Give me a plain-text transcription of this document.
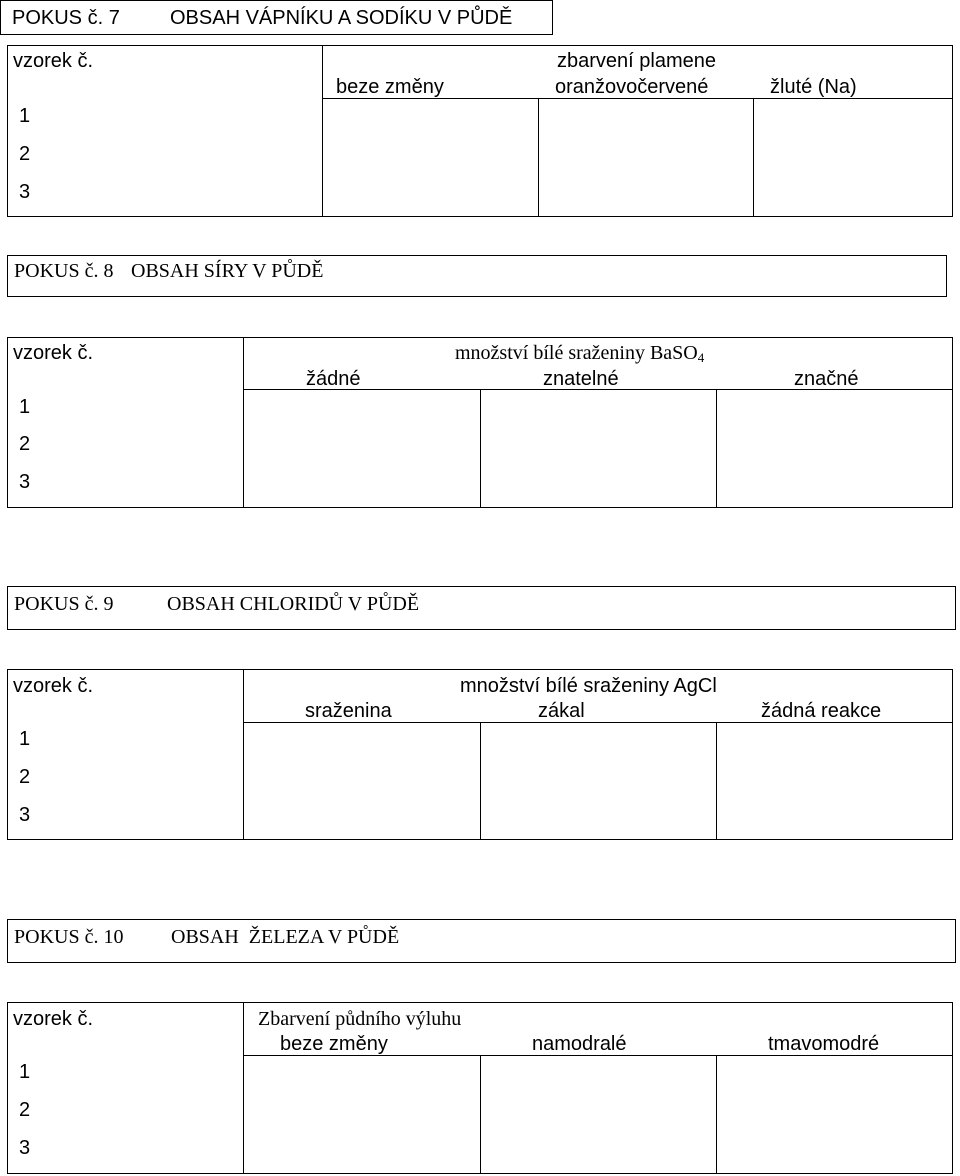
POKUS č. 7	OBSAH VÁPNÍKU A SODÍKU V PŮDĚ
vzorek č.	zbarvení plamene
beze změny	oranžovočervené	žluté (Na)
1
2
3
POKUS č. 8 OBSAH SÍRY V PŮDĚ
vzorek č.	množství bílé sraženiny BaSO$_4$
žádné	znatelné	značné
1
2
3
POKUS č. 9	OBSAH CHLORIDŮ V PŮDĚ
vzorek č.	množství bílé sraženiny AgCl
sraženina	zákal	žádná reakce
1
2
3
POKUS č. 10 OBSAH  ŽELEZA V PŮDĚ
vzorek č.	Zbarvení půdního výluhu
beze změny	namodralé	tmavomodré
1
2
3
